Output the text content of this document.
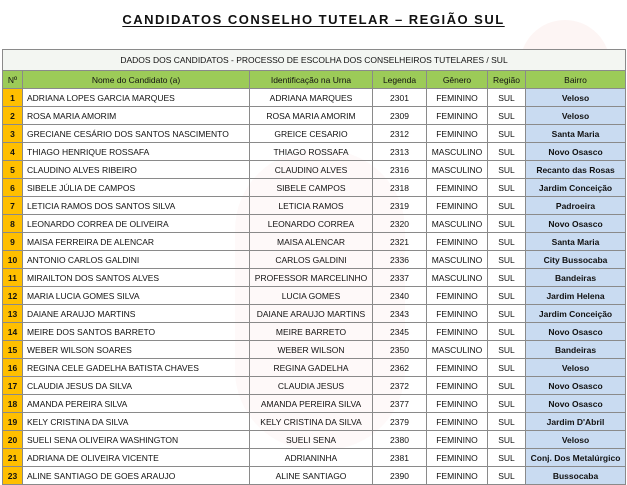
CANDIDATOS CONSELHO TUTELAR – REGIÃO SUL
DADOS DOS CANDIDATOS - PROCESSO DE ESCOLHA DOS CONSELHEIROS TUTELARES / SUL						
Nº	Nome do Candidato (a)	Identificação na Urna	Legenda	Gênero	Região	Bairro
1	ADRIANA LOPES GARCIA MARQUES	ADRIANA MARQUES	2301	FEMININO	SUL	Veloso
2	ROSA MARIA AMORIM	ROSA MARIA AMORIM	2309	FEMININO	SUL	Veloso
3	GRECIANE CESÁRIO DOS SANTOS NASCIMENTO	GREICE CESARIO	2312	FEMININO	SUL	Santa Maria
4	THIAGO HENRIQUE ROSSAFA	THIAGO ROSSAFA	2313	MASCULINO	SUL	Novo Osasco
5	CLAUDINO ALVES RIBEIRO	CLAUDINO ALVES	2316	MASCULINO	SUL	Recanto das Rosas
6	SIBELE JÚLIA DE CAMPOS	SIBELE CAMPOS	2318	FEMININO	SUL	Jardim Conceição
7	LETICIA RAMOS DOS SANTOS SILVA	LETICIA RAMOS	2319	FEMININO	SUL	Padroeira
8	LEONARDO CORREA DE OLIVEIRA	LEONARDO CORREA	2320	MASCULINO	SUL	Novo Osasco
9	MAISA FERREIRA DE ALENCAR	MAISA ALENCAR	2321	FEMININO	SUL	Santa Maria
10	ANTONIO CARLOS GALDINI	CARLOS GALDINI	2336	MASCULINO	SUL	City Bussocaba
11	MIRAILTON DOS SANTOS ALVES	PROFESSOR MARCELINHO	2337	MASCULINO	SUL	Bandeiras
12	MARIA LUCIA GOMES SILVA	LUCIA GOMES	2340	FEMININO	SUL	Jardim Helena
13	DAIANE ARAUJO MARTINS	DAIANE ARAUJO MARTINS	2343	FEMININO	SUL	Jardim Conceição
14	MEIRE DOS SANTOS BARRETO	MEIRE BARRETO	2345	FEMININO	SUL	Novo Osasco
15	WEBER WILSON SOARES	WEBER WILSON	2350	MASCULINO	SUL	Bandeiras
16	REGINA CELE GADELHA BATISTA CHAVES	REGINA GADELHA	2362	FEMININO	SUL	Veloso
17	CLAUDIA JESUS DA SILVA	CLAUDIA JESUS	2372	FEMININO	SUL	Novo Osasco
18	AMANDA PEREIRA SILVA	AMANDA PEREIRA SILVA	2377	FEMININO	SUL	Novo Osasco
19	KELY CRISTINA DA SILVA	KELY CRISTINA DA SILVA	2379	FEMININO	SUL	Jardim D'Abril
20	SUELI SENA OLIVEIRA WASHINGTON	SUELI SENA	2380	FEMININO	SUL	Veloso
21	ADRIANA DE OLIVEIRA VICENTE	ADRIANINHA	2381	FEMININO	SUL	Conj. Dos Metalúrgico
23	ALINE SANTIAGO DE GOES ARAUJO	ALINE SANTIAGO	2390	FEMININO	SUL	Bussocaba
